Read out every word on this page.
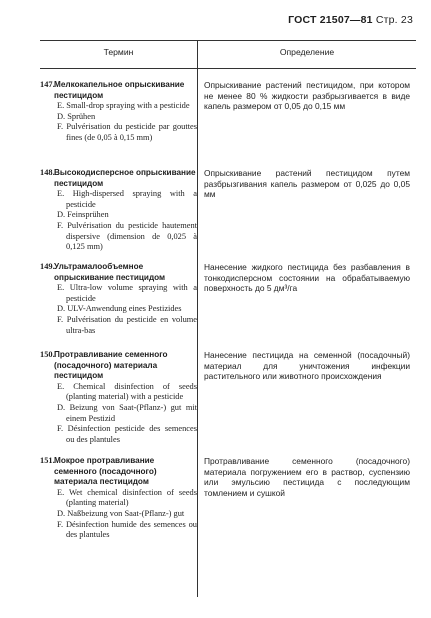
ГОСТ 21507—81 Стр. 23
Термин	Определение
147. Мелкокапельное опрыскивание пестицидом
E. Small-drop spraying with a pesticide
D. Sprühen
F. Pulvérisation du pesticide par gouttes fines (de 0,05 à 0,15 mm)
Опрыскивание растений пестицидом, при котором не менее 80 % жидкости разбрызгивается в виде капель размером от 0,05 до 0,15 мм
148. Высокодисперсное опрыскивание пестицидом
E. High-dispersed spraying with a pesticide
D. Feinsprühen
F. Pulvérisation du pesticide hautement dispersive (dimension de 0,025 à 0,125 mm)
Опрыскивание растений пестицидом путем разбрызгивания капель размером от 0,025 до 0,05 мм
149. Ультрамалообъемное опрыскивание пестицидом
E. Ultra-low volume spraying with a pesticide
D. ULV-Anwendung eines Pestizides
F. Pulvérisation du pesticide en volume ultra-bas
Нанесение жидкого пестицида без разбавления в тонкодисперсном состоянии на обрабатываемую поверхность до 5 дм³/га
150. Протравливание семенного (посадочного) материала пестицидом
E. Chemical disinfection of seeds (planting material) with a pesticide
D. Beizung von Saat-(Pflanz-) gut mit einem Pestizid
F. Désinfection pesticide des semences ou des plantules
Нанесение пестицида на семенной (посадочный) материал для уничтожения инфекции растительного или животного происхождения
151. Мокрое протравливание семенного (посадочного) материала пестицидом
E. Wet chemical disinfection of seeds (planting material)
D. Naßbeizung von Saat-(Pflanz-) gut
F. Désinfection humide des semences ou des plantules
Протравливание семенного (посадочного) материала погружением его в раствор, суспензию или эмульсию пестицида с последующим томлением и сушкой
